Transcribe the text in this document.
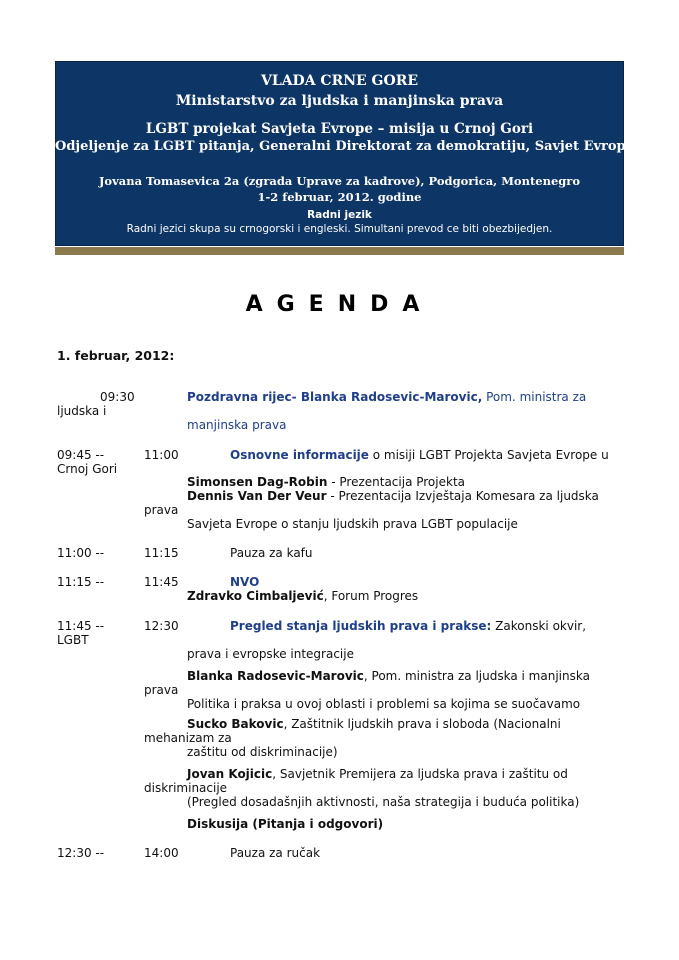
VLADA CRNE GORE
Ministarstvo za ljudska i manjinska prava
LGBT projekat Savjeta Evrope – misija u Crnoj Gori
Odjeljenje za LGBT pitanja, Generalni Direktorat za demokratiju, Savjet Evrope
Jovana Tomasevica 2a (zgrada Uprave za kadrove), Podgorica, Montenegro
1-2 februar, 2012. godine
Radni jezik
Radni jezici skupa su crnogorski i engleski. Simultani prevod ce biti obezbijedjen.
AGENDA
1. februar, 2012:
09:30	Pozdravna rijec- Blanka Radosevic-Marovic, Pom. ministra za
ljudska i
manjinska prava
09:45 --	11:00	Osnovne informacije o misiji LGBT Projekta Savjeta Evrope u
Crnoj Gori
Simonsen Dag-Robin - Prezentacija Projekta
Dennis Van Der Veur - Prezentacija Izvještaja Komesara za ljudska
prava
Savjeta Evrope o stanju ljudskih prava LGBT populacije
11:00 --	11:15	Pauza za kafu
11:15 --	11:45	NVO
Zdravko Cimbaljević, Forum Progres
11:45 --	12:30	Pregled stanja ljudskih prava i prakse: Zakonski okvir,
LGBT
prava i evropske integracije
Blanka Radosevic-Marovic, Pom. ministra za ljudska i manjinska
prava
Politika i praksa u ovoj oblasti i problemi sa kojima se suočavamo
Sucko Bakovic, Zaštitnik ljudskih prava i sloboda (Nacionalni
mehanizam za
zaštitu od diskriminacije)
Jovan Kojicic, Savjetnik Premijera za ljudska prava i zaštitu od
diskriminacije
(Pregled dosadašnjih aktivnosti, naša strategija i buduća politika)
Diskusija (Pitanja i odgovori)
12:30 --	14:00	Pauza za ručak
